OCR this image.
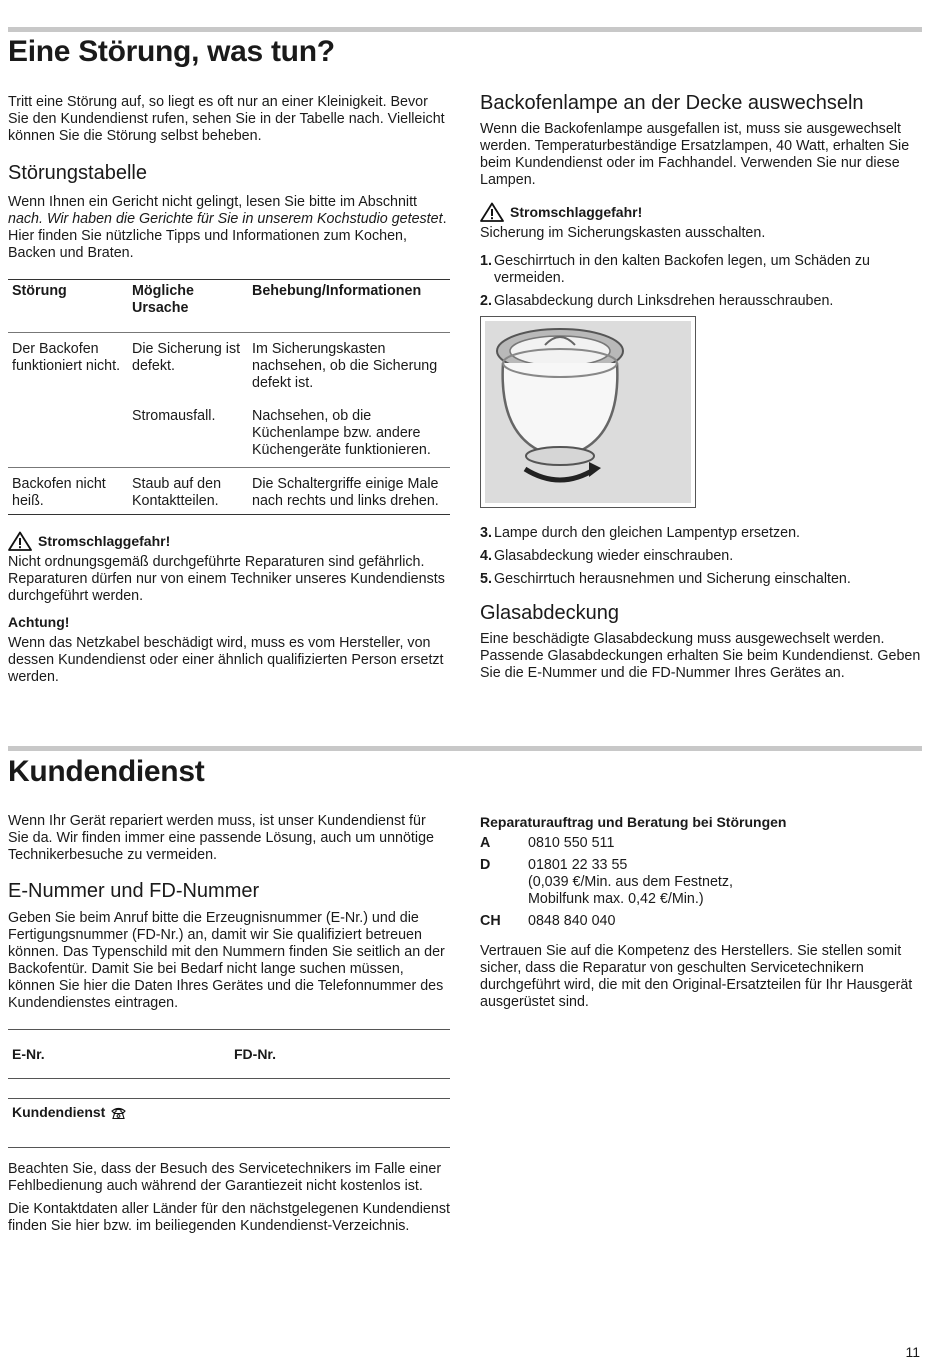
Eine Störung, was tun?

Tritt eine Störung auf, so liegt es oft nur an einer Kleinigkeit. Bevor Sie den Kundendienst rufen, sehen Sie in der Tabelle nach. Vielleicht können Sie die Störung selbst beheben.

Störungstabelle

Wenn Ihnen ein Gericht nicht gelingt, lesen Sie bitte im Abschnitt nach. Wir haben die Gerichte für Sie in unserem Kochstudio getestet. Hier finden Sie nützliche Tipps und Informationen zum Kochen, Backen und Braten.

Störung	Mögliche Ursache	Behebung/Informationen
Der Backofen funktioniert nicht.	Die Sicherung ist defekt.	Im Sicherungskasten nachsehen, ob die Sicherung defekt ist.
	Stromausfall.	Nachsehen, ob die Küchenlampe bzw. andere Küchengeräte funktionieren.
Backofen nicht heiß.	Staub auf den Kontaktteilen.	Die Schaltergriffe einige Male nach rechts und links drehen.
Stromschlaggefahr!

Nicht ordnungsgemäß durchgeführte Reparaturen sind gefährlich. Reparaturen dürfen nur von einem Techniker unseres Kundendiensts durchgeführt werden.

Achtung!

Wenn das Netzkabel beschädigt wird, muss es vom Hersteller, von dessen Kundendienst oder einer ähnlich qualifizierten Person ersetzt werden.

Backofenlampe an der Decke auswechseln

Wenn die Backofenlampe ausgefallen ist, muss sie ausgewechselt werden. Temperaturbeständige Ersatzlampen, 40 Watt, erhalten Sie beim Kundendienst oder im Fachhandel. Verwenden Sie nur diese Lampen.

Stromschlaggefahr!

Sicherung im Sicherungskasten ausschalten.

1. Geschirrtuch in den kalten Backofen legen, um Schäden zu vermeiden.
2. Glasabdeckung durch Linksdrehen herausschrauben.
3. Lampe durch den gleichen Lampentyp ersetzen.
4. Glasabdeckung wieder einschrauben.
5. Geschirrtuch herausnehmen und Sicherung einschalten.
Glasabdeckung

Eine beschädigte Glasabdeckung muss ausgewechselt werden. Passende Glasabdeckungen erhalten Sie beim Kundendienst. Geben Sie die E-Nummer und die FD-Nummer Ihres Gerätes an.

Kundendienst

Wenn Ihr Gerät repariert werden muss, ist unser Kundendienst für Sie da. Wir finden immer eine passende Lösung, auch um unnötige Technikerbesuche zu vermeiden.

E-Nummer und FD-Nummer

Geben Sie beim Anruf bitte die Erzeugnisnummer (E-Nr.) und die Fertigungsnummer (FD-Nr.) an, damit wir Sie qualifiziert betreuen können. Das Typenschild mit den Nummern finden Sie seitlich an der Backofentür. Damit Sie bei Bedarf nicht lange suchen müssen, können Sie hier die Daten Ihres Gerätes und die Telefonnummer des Kundendienstes eintragen.

E-Nr.	FD-Nr.
Kundendienst

Beachten Sie, dass der Besuch des Servicetechnikers im Falle einer Fehlbedienung auch während der Garantiezeit nicht kostenlos ist.

Die Kontaktdaten aller Länder für den nächstgelegenen Kundendienst finden Sie hier bzw. im beiliegenden Kundendienst-Verzeichnis.

Reparaturauftrag und Beratung bei Störungen
A	0810 550 511
D	01801 22 33 55
(0,039 €/Min. aus dem Festnetz,
Mobilfunk max. 0,42 €/Min.)
CH	0848 840 040

Vertrauen Sie auf die Kompetenz des Herstellers. Sie stellen somit sicher, dass die Reparatur von geschulten Servicetechnikern durchgeführt wird, die mit den Original-Ersatzteilen für Ihr Hausgerät ausgerüstet sind.

11
